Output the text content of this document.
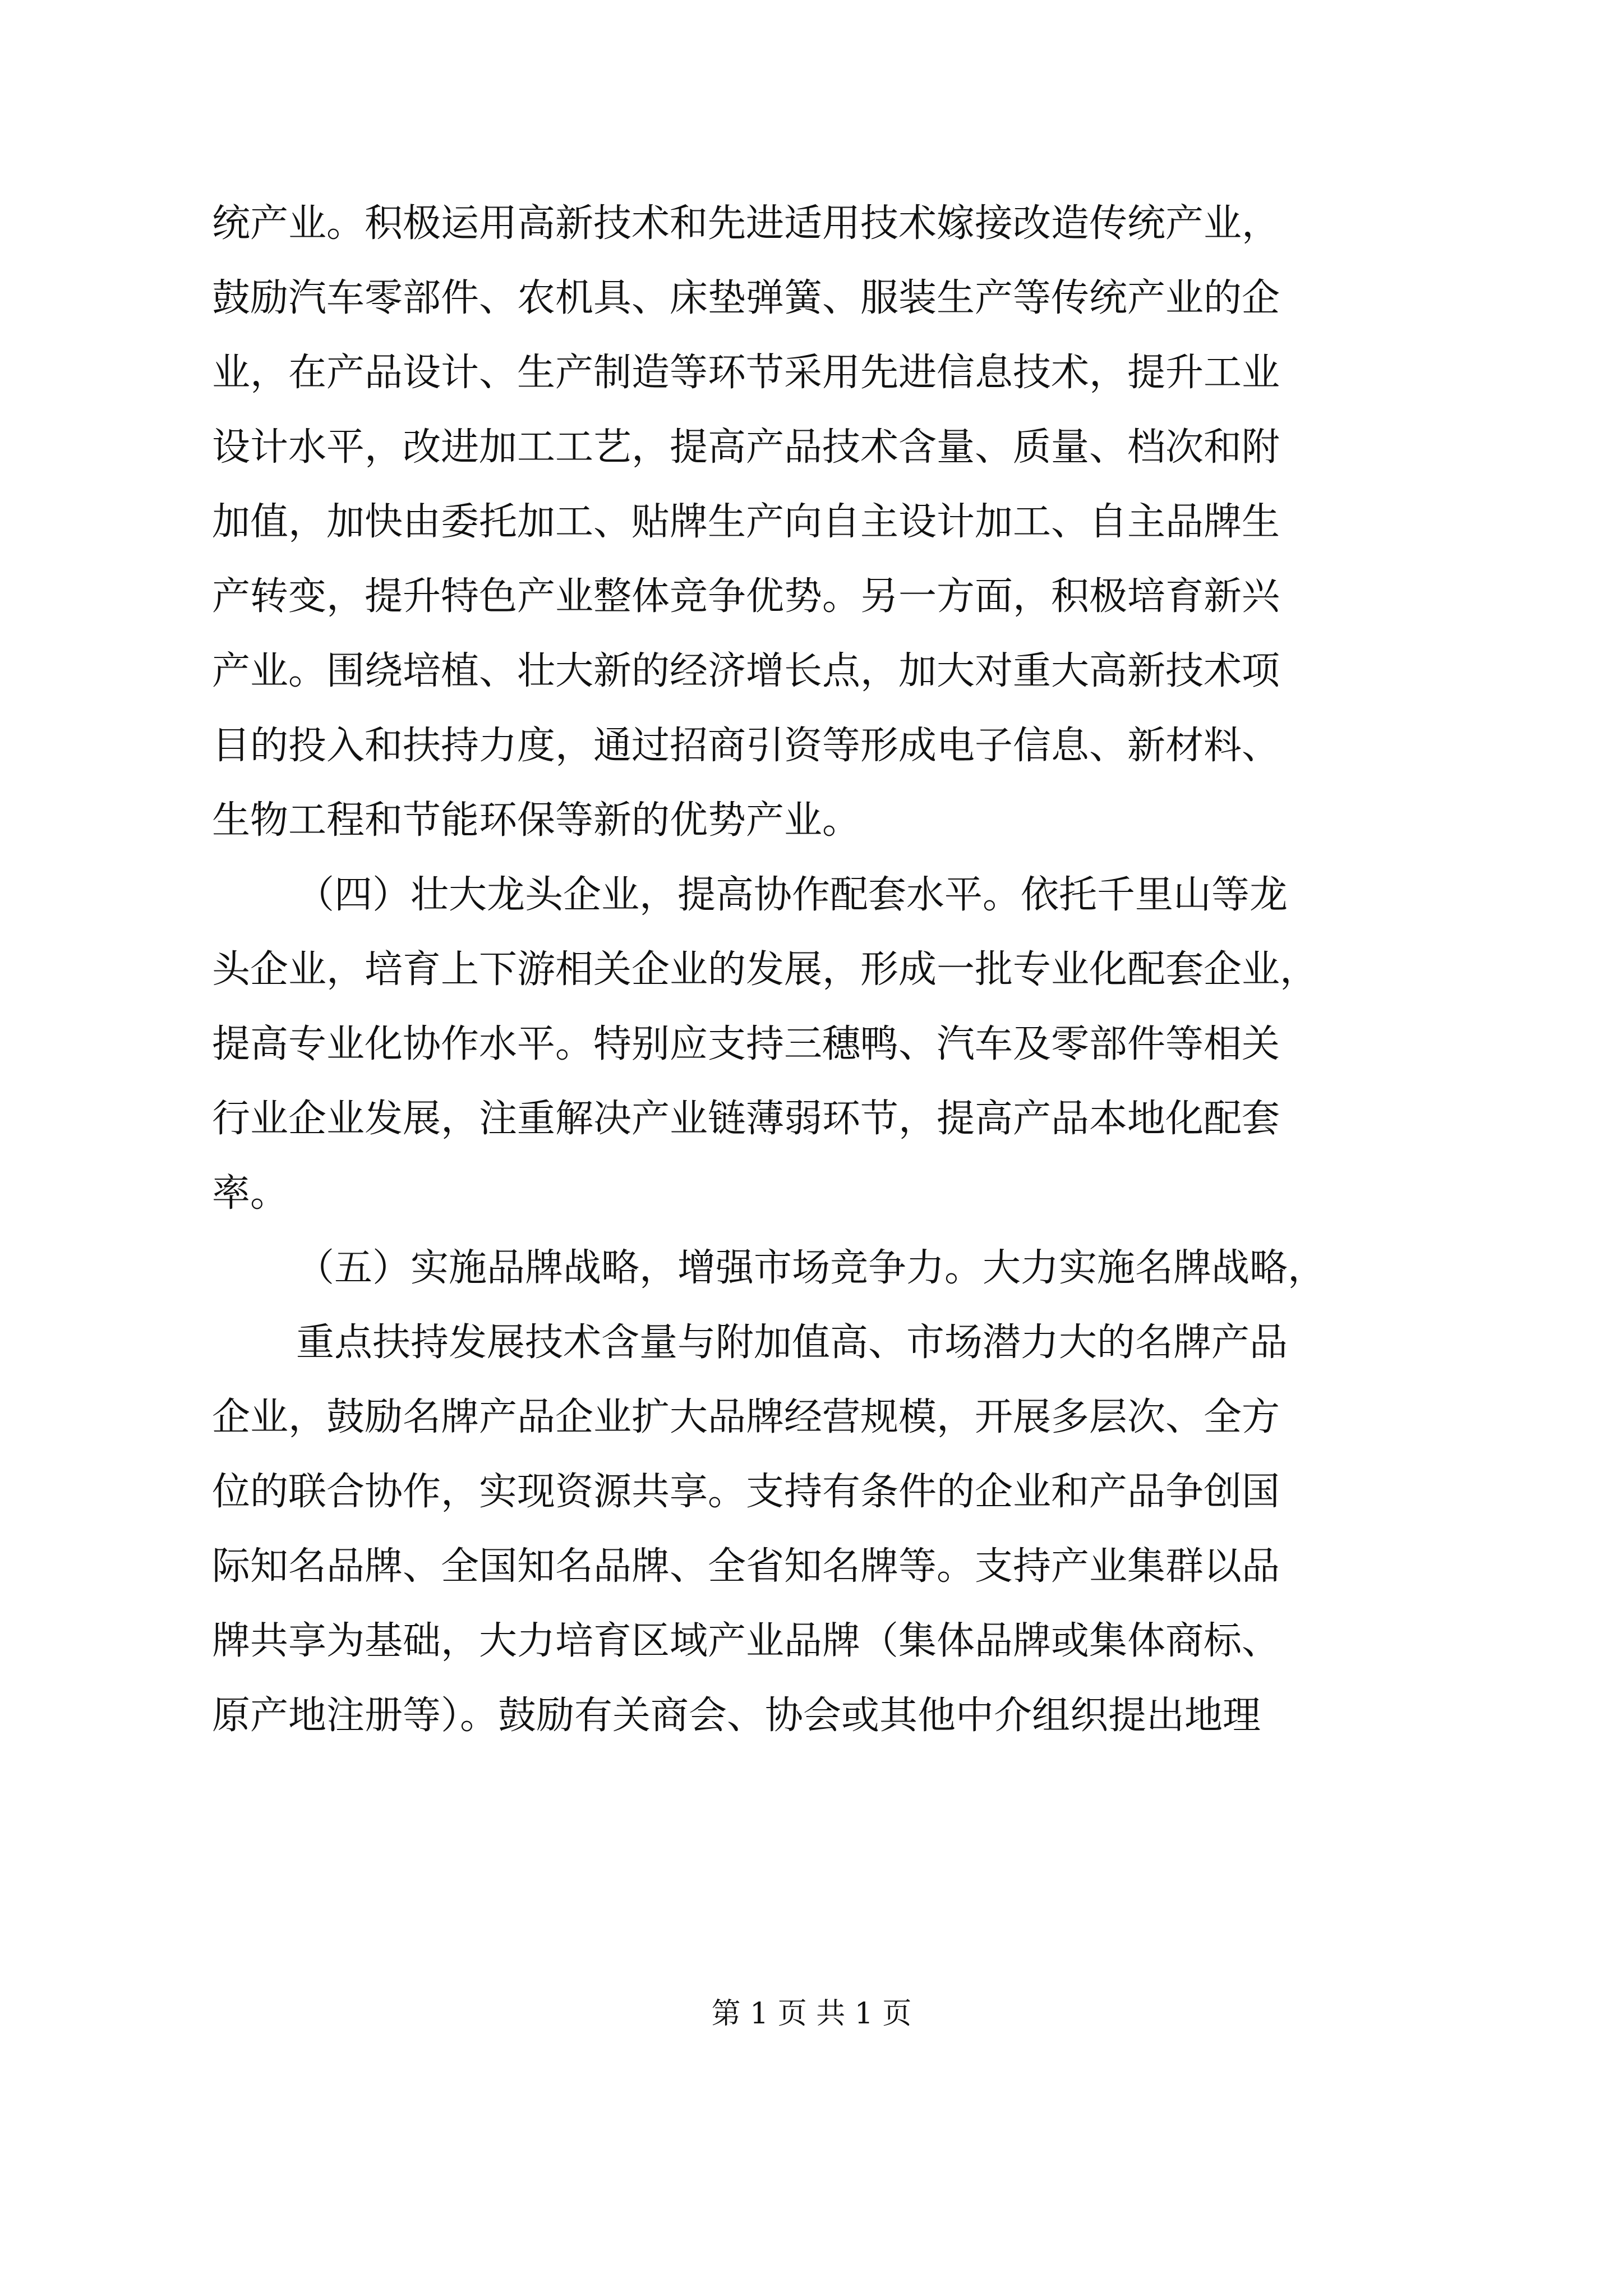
统产业。积极运用高新技术和先进适用技术嫁接改造传统产业，
鼓励汽车零部件、农机具、床垫弹簧、服装生产等传统产业的企
业，在产品设计、生产制造等环节采用先进信息技术，提升工业
设计水平，改进加工工艺，提高产品技术含量、质量、档次和附
加值，加快由委托加工、贴牌生产向自主设计加工、自主品牌生
产转变，提升特色产业整体竞争优势。另一方面，积极培育新兴
产业。围绕培植、壮大新的经济增长点，加大对重大高新技术项
目的投入和扶持力度，通过招商引资等形成电子信息、新材料、
生物工程和节能环保等新的优势产业。
（四）壮大龙头企业，提高协作配套水平。依托千里山等龙
头企业，培育上下游相关企业的发展，形成一批专业化配套企业，
提高专业化协作水平。特别应支持三穗鸭、汽车及零部件等相关
行业企业发展，注重解决产业链薄弱环节，提高产品本地化配套
率。
（五）实施品牌战略，增强市场竞争力。大力实施名牌战略，
重点扶持发展技术含量与附加值高、市场潜力大的名牌产品
企业，鼓励名牌产品企业扩大品牌经营规模，开展多层次、全方
位的联合协作，实现资源共享。支持有条件的企业和产品争创国
际知名品牌、全国知名品牌、全省知名牌等。支持产业集群以品
牌共享为基础，大力培育区域产业品牌（集体品牌或集体商标、
原产地注册等）。鼓励有关商会、协会或其他中介组织提出地理
第 1 页 共 1 页
